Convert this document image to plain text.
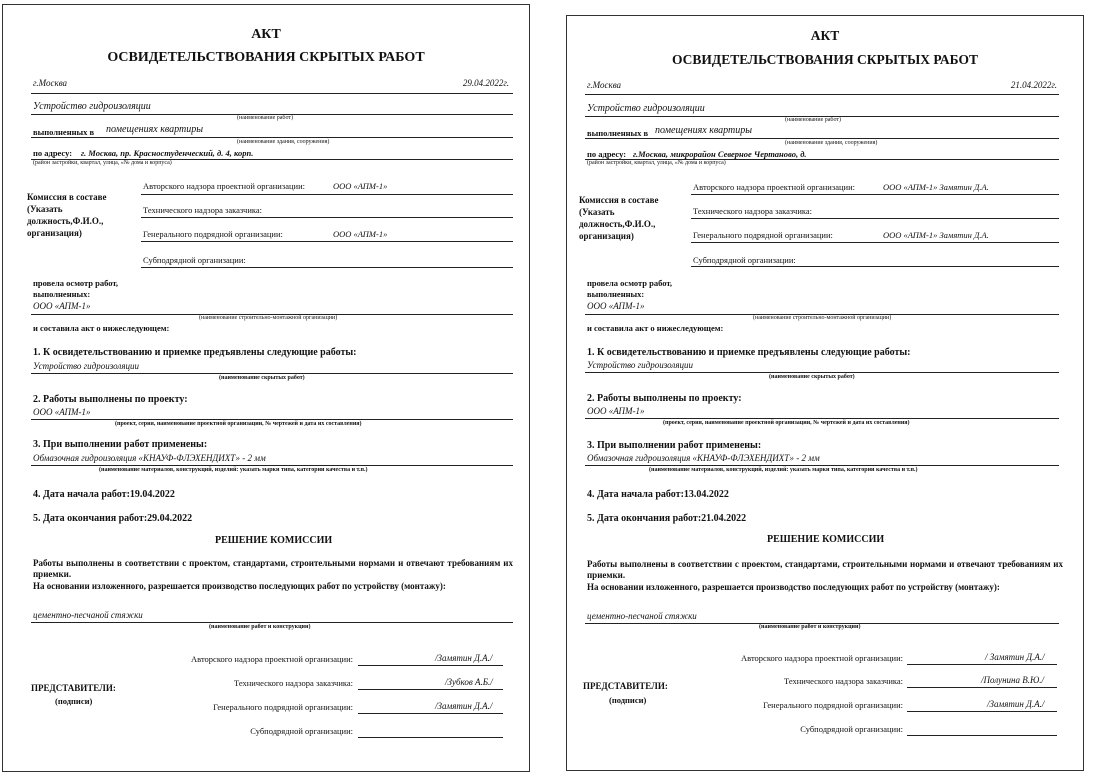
АКТ
ОСВИДЕТЕЛЬСТВОВАНИЯ СКРЫТЫХ РАБОТ
г.Москва	29.04.2022г.
Устройство гидроизоляции
(наименование работ)
выполненных в помещениях квартиры
(наименование здания, сооружения)
по адресу: г. Москва, пр. Красностуденческий, д. 4, корп.
(район застройки, квартал, улица, «№ дома и корпуса)
Комиссия в составе (Указать должность,Ф.И.О., организация)
Авторского надзора проектной организации:	ООО «АПМ-1»
Технического надзора заказчика:
Генерального подрядной организации:	ООО «АПМ-1»
Субподрядной организации:
провела осмотр работ, выполненных:
ООО «АПМ-1»
(наименование строительно-монтажной организации)
и составила акт о нижеследующем:
1. К освидетельствованию и приемке предъявлены следующие работы:
Устройство гидроизоляции
(наименование скрытых работ)
2. Работы выполнены по проекту:
ООО «АПМ-1»
(проект, серия, наименование проектной организации, № чертежей и дата их составления)
3. При выполнении работ применены:
Обмазочная гидроизоляция «КНАУФ-ФЛЭХЕНДИХТ» - 2 мм
(наименование материалов, конструкций, изделий: указать марки типа, категории качества и т.п.)
4. Дата начала работ:19.04.2022
5. Дата окончания работ:29.04.2022
РЕШЕНИЕ КОМИССИИ
Работы выполнены в соответствии с проектом, стандартами, строительными нормами и отвечают требованиям их приемки.
На основании изложенного, разрешается производство последующих работ по устройству (монтажу):
цементно-песчаной стяжки
(наименование работ и конструкции)
ПРЕДСТАВИТЕЛИ:
(подписи)
Авторского надзора проектной организации:	/Замятин Д.А./
Технического надзора заказчика:	/Зубков А.Б./
Генерального подрядной организации:	/Замятин Д.А./
Субподрядной организации:
АКТ
ОСВИДЕТЕЛЬСТВОВАНИЯ СКРЫТЫХ РАБОТ
г.Москва	21.04.2022г.
Устройство гидроизоляции
(наименование работ)
выполненных в помещениях квартиры
(наименование здания, сооружения)
по адресу: г.Москва, микрорайон Северное Чертаново, д.
(район застройки, квартал, улица, «№ дома и корпуса)
Комиссия в составе (Указать должность,Ф.И.О., организация)
Авторского надзора проектной организации:	ООО «АПМ-1» Замятин Д.А.
Технического надзора заказчика:
Генерального подрядной организации:	ООО «АПМ-1» Замятин Д.А.
Субподрядной организации:
провела осмотр работ, выполненных:
ООО «АПМ-1»
(наименование строительно-монтажной организации)
и составила акт о нижеследующем:
1. К освидетельствованию и приемке предъявлены следующие работы:
Устройство гидроизоляции
(наименование скрытых работ)
2. Работы выполнены по проекту:
ООО «АПМ-1»
(проект, серия, наименование проектной организации, № чертежей и дата их составления)
3. При выполнении работ применены:
Обмазочная гидроизоляция «КНАУФ-ФЛЭХЕНДИХТ» - 2 мм
(наименование материалов, конструкций, изделий: указать марки типа, категории качества и т.п.)
4. Дата начала работ:13.04.2022
5. Дата окончания работ:21.04.2022
РЕШЕНИЕ КОМИССИИ
Работы выполнены в соответствии с проектом, стандартами, строительными нормами и отвечают требованиям их приемки.
На основании изложенного, разрешается производство последующих работ по устройству (монтажу):
цементно-песчаной стяжки
(наименование работ и конструкции)
ПРЕДСТАВИТЕЛИ:
(подписи)
Авторского надзора проектной организации:	/ Замятин Д.А./
Технического надзора заказчика:	/Полунина В.Ю./
Генерального подрядной организации:	/Замятин Д.А./
Субподрядной организации:
